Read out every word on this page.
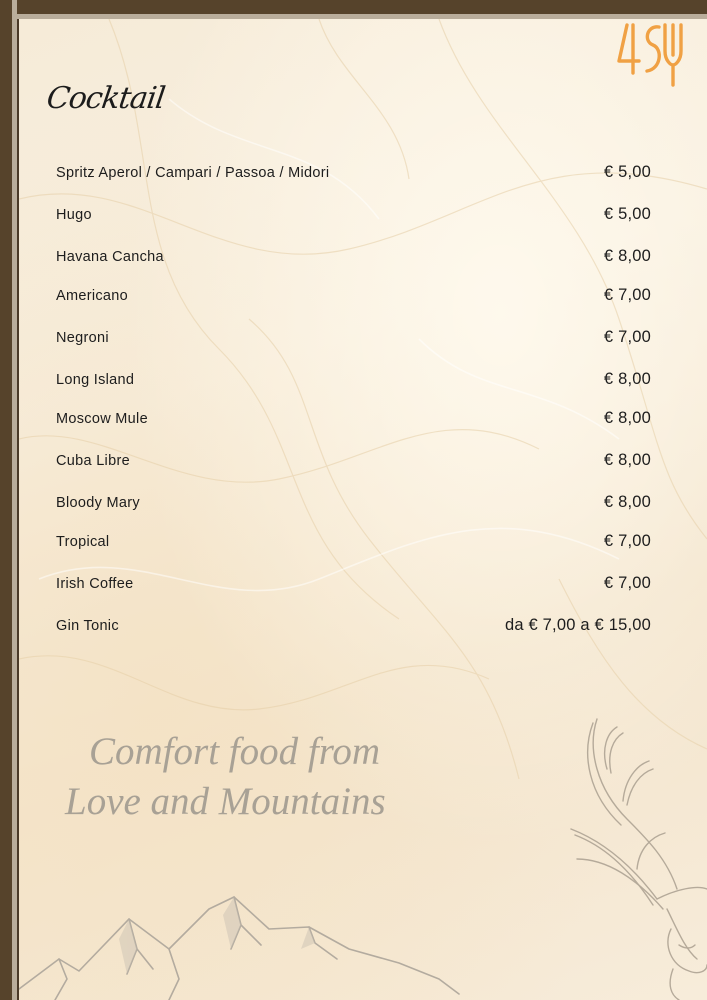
Cocktail
Spritz Aperol / Campari / Passoa / Midori	€ 5,00
Hugo	€ 5,00
Havana Cancha	€ 8,00
Americano	€ 7,00
Negroni	€ 7,00
Long Island	€ 8,00
Moscow Mule	€ 8,00
Cuba Libre	€ 8,00
Bloody Mary	€ 8,00
Tropical	€ 7,00
Irish Coffee	€ 7,00
Gin Tonic	da € 7,00 a € 15,00
Comfort food from
Love and Mountains
